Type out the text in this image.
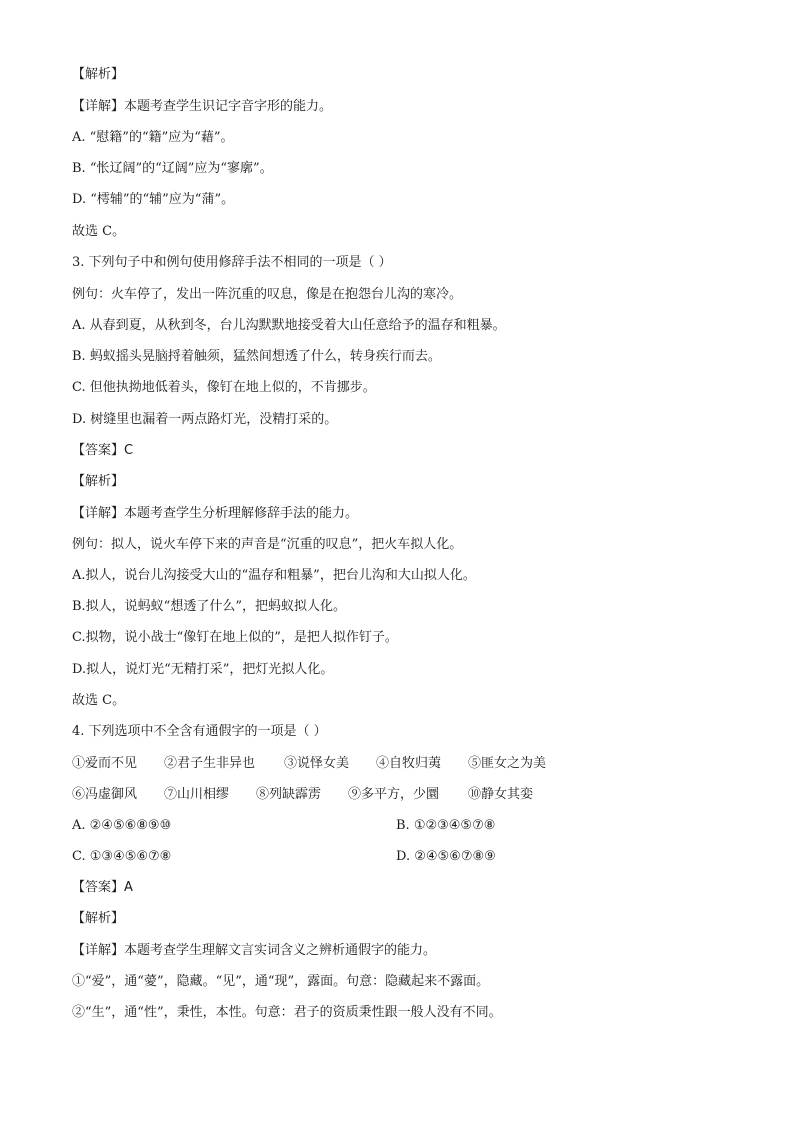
【解析】
【详解】本题考查学生识记字音字形的能力。
A. “慰籍”的“籍”应为“藉”。
B. “怅辽阔”的“辽阔”应为“寥廓”。
D. “樗辅”的“辅”应为“蒲”。
故选 C。
3. 下列句子中和例句使用修辞手法不相同的一项是（ ）
例句：火车停了，发出一阵沉重的叹息，像是在抱怨台儿沟的寒冷。
A. 从春到夏，从秋到冬，台儿沟默默地接受着大山任意给予的温存和粗暴。
B. 蚂蚁摇头晃脑捋着触须，猛然间想透了什么，转身疾行而去。
C. 但他执拗地低着头，像钉在地上似的，不肯挪步。
D. 树缝里也漏着一两点路灯光，没精打采的。
【答案】C
【解析】
【详解】本题考查学生分析理解修辞手法的能力。
例句：拟人，说火车停下来的声音是“沉重的叹息”，把火车拟人化。
A.拟人，说台儿沟接受大山的“温存和粗暴”，把台儿沟和大山拟人化。
B.拟人，说蚂蚁“想透了什么”，把蚂蚁拟人化。
C.拟物，说小战士“像钉在地上似的”，是把人拟作钉子。
D.拟人，说灯光“无精打采”，把灯光拟人化。
故选 C。
4. 下列选项中不全含有通假字的一项是（ ）
①爱而不见 ②君子生非异也 ③说怿女美 ④自牧归荑 ⑤匪女之为美
⑥冯虚御风 ⑦山川相缪 ⑧列缺霹雳 ⑨多平方，少圜 ⑩静女其娈
A. ②④⑤⑥⑧⑨⑩	B. ①②③④⑤⑦⑧
C. ①③④⑤⑥⑦⑧	D. ②④⑤⑥⑦⑧⑨
【答案】A
【解析】
【详解】本题考查学生理解文言实词含义之辨析通假字的能力。
①“爱”，通“薆”，隐藏。“见”，通“现”，露面。句意：隐藏起来不露面。
②“生”，通“性”，秉性，本性。句意：君子的资质秉性跟一般人没有不同。
